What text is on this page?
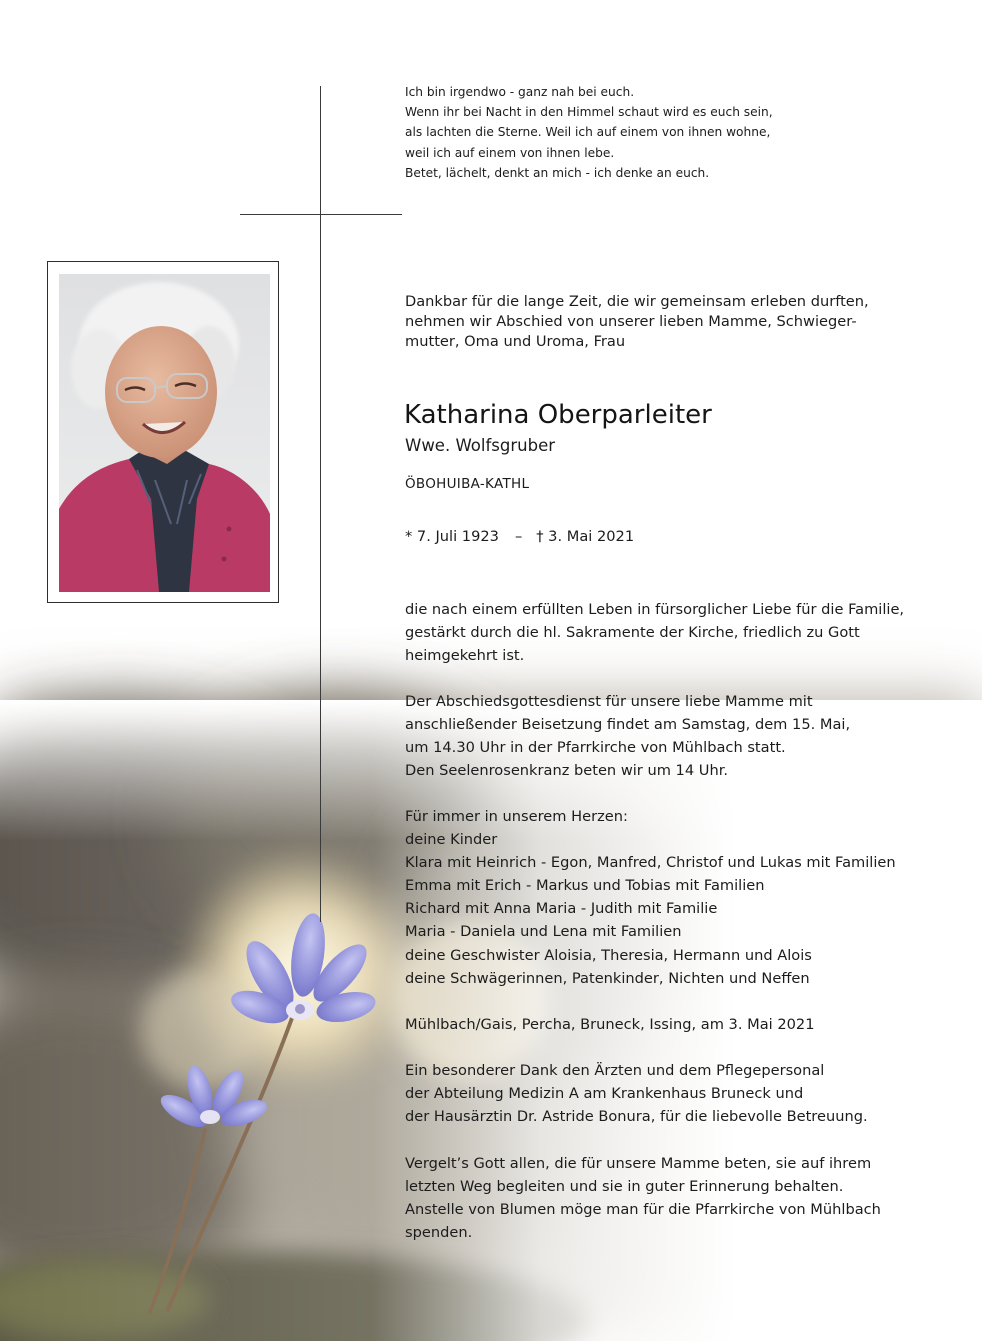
Ich bin irgendwo - ganz nah bei euch.
Wenn ihr bei Nacht in den Himmel schaut wird es euch sein,
als lachten die Sterne. Weil ich auf einem von ihnen wohne,
weil ich auf einem von ihnen lebe.
Betet, lächelt, denkt an mich - ich denke an euch.
Dankbar für die lange Zeit, die wir gemeinsam erleben durften,
nehmen wir Abschied von unserer lieben Mamme, Schwieger-
mutter, Oma und Uroma, Frau
Katharina Oberparleiter
Wwe. Wolfsgruber
ÖBOHUIBA-KATHL
* 7. Juli 1923 – † 3. Mai 2021
die nach einem erfüllten Leben in fürsorglicher Liebe für die Familie,
gestärkt durch die hl. Sakramente der Kirche, friedlich zu Gott
heimgekehrt ist.
Der Abschiedsgottesdienst für unsere liebe Mamme mit
anschließender Beisetzung findet am Samstag, dem 15. Mai,
um 14.30 Uhr in der Pfarrkirche von Mühlbach statt.
Den Seelenrosenkranz beten wir um 14 Uhr.
Für immer in unserem Herzen:
deine Kinder
Klara mit Heinrich - Egon, Manfred, Christof und Lukas mit Familien
Emma mit Erich - Markus und Tobias mit Familien
Richard mit Anna Maria - Judith mit Familie
Maria - Daniela und Lena mit Familien
deine Geschwister Aloisia, Theresia, Hermann und Alois
deine Schwägerinnen, Patenkinder, Nichten und Neffen
Mühlbach/Gais, Percha, Bruneck, Issing, am 3. Mai 2021
Ein besonderer Dank den Ärzten und dem Pflegepersonal
der Abteilung Medizin A am Krankenhaus Bruneck und
der Hausärztin Dr. Astride Bonura, für die liebevolle Betreuung.
Vergelt’s Gott allen, die für unsere Mamme beten, sie auf ihrem
letzten Weg begleiten und sie in guter Erinnerung behalten.
Anstelle von Blumen möge man für die Pfarrkirche von Mühlbach
spenden.
